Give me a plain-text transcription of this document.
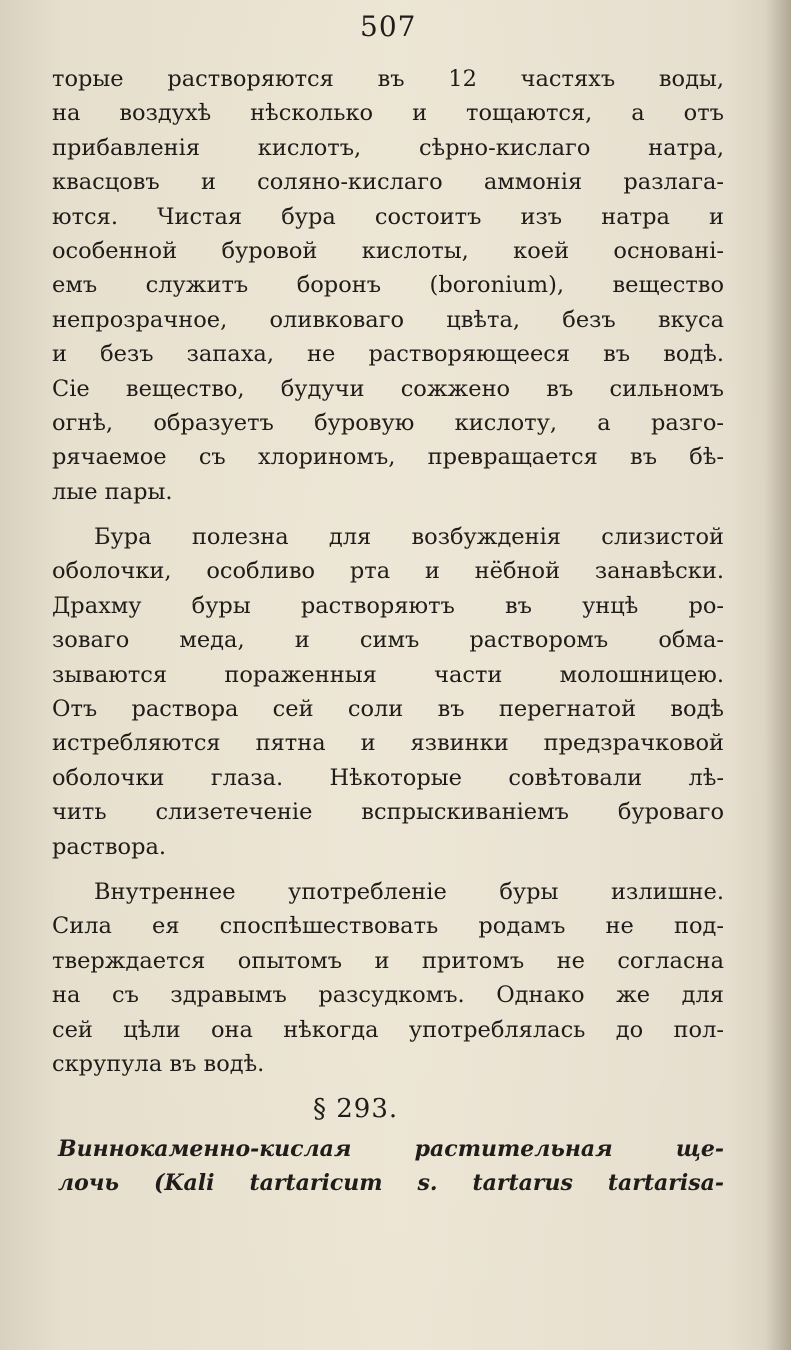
507
торые растворяются въ 12 частяхъ воды,
на воздухѣ нѣсколько и тощаются, а отъ
прибавленія кислотъ, сѣрно-кислаго натра,
квасцовъ и соляно-кислаго аммонія разлага-
ются. Чистая бура состоитъ изъ натра и
особенной буровой кислоты, коей основані-
емъ служитъ боронъ (boronium), вещество
непрозрачное, оливковаго цвѣта, безъ вкуса
и безъ запаха, не растворяющееся въ водѣ.
Сіе вещество, будучи сожжено въ сильномъ
огнѣ, образуетъ буровую кислоту, а разго-
рячаемое съ хлориномъ, превращается въ бѣ-
лые пары.
Бура полезна для возбужденія слизистой
оболочки, особливо рта и нёбной занавѣски.
Драхму буры растворяютъ въ унцѣ ро-
зоваго меда, и симъ растворомъ обма-
зываются пораженныя части молошницею.
Отъ раствора сей соли въ перегнатой водѣ
истребляются пятна и язвинки предзрачковой
оболочки глаза. Нѣкоторые совѣтовали лѣ-
чить слизетеченіе вспрыскиваніемъ буроваго
раствора.
Внутреннее употребленіе буры излишне.
Сила ея споспѣшествовать родамъ не под-
тверждается опытомъ и притомъ не согласна
на съ здравымъ разсудкомъ. Однако же для
сей цѣли она нѣкогда употреблялась до пол-
скрупула въ водѣ.
§ 293.
Виннокаменно-кислая растительная ще-
лочь (Kali tartaricum s. tartarus tartarisa-
